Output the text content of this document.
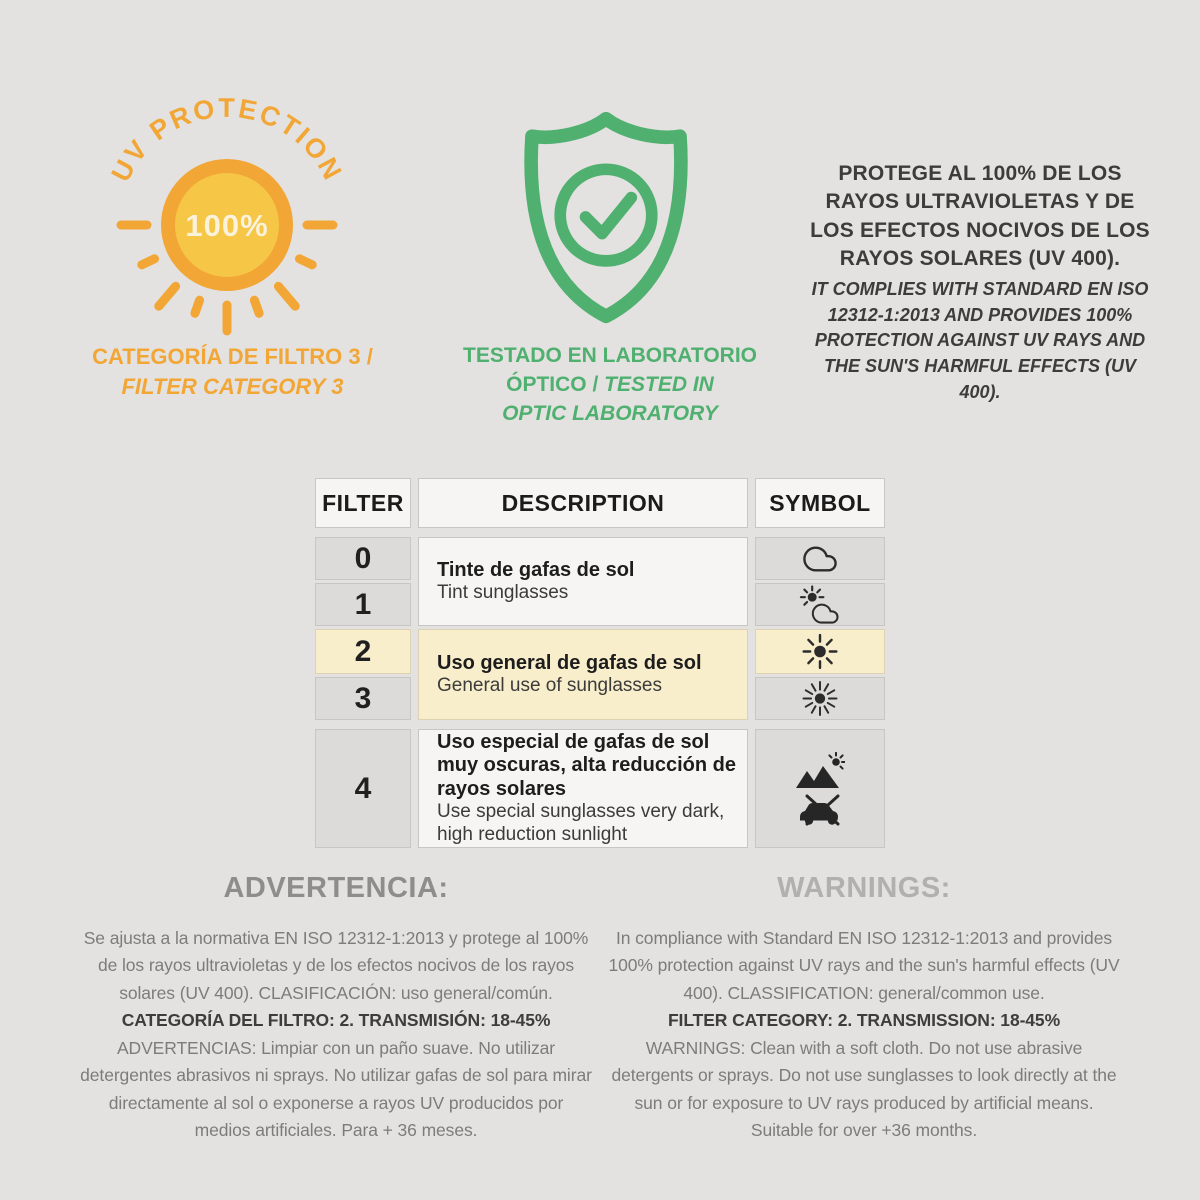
UV PROTECTION
100%
CATEGORÍA DE FILTRO 3 /
FILTER CATEGORY 3
TESTADO EN LABORATORIO
ÓPTICO / TESTED IN
OPTIC LABORATORY
PROTEGE AL 100% DE LOS RAYOS ULTRAVIOLETAS Y DE LOS EFECTOS NOCIVOS DE LOS RAYOS SOLARES (UV 400).
IT COMPLIES WITH STANDARD EN ISO 12312-1:2013 AND PROVIDES 100% PROTECTION AGAINST UV RAYS AND THE SUN'S HARMFUL EFFECTS (UV 400).
FILTER	DESCRIPTION	SYMBOL
0
1
2
3
4
Tinte de gafas de sol
Tint sunglasses
Uso general de gafas de sol
General use of sunglasses
Uso especial de gafas de sol muy oscuras, alta reducción de rayos solares
Use special sunglasses very dark, high reduction sunlight
ADVERTENCIA:

Se ajusta a la normativa EN ISO 12312-1:2013 y protege al 100% de los rayos ultravioletas y de los efectos nocivos de los rayos solares (UV 400). CLASIFICACIÓN: uso general/común.

CATEGORÍA DEL FILTRO: 2. TRANSMISIÓN: 18-45%

ADVERTENCIAS: Limpiar con un paño suave. No utilizar detergentes abrasivos ni sprays. No utilizar gafas de sol para mirar directamente al sol o exponerse a rayos UV producidos por medios artificiales. Para + 36 meses.

WARNINGS:

In compliance with Standard EN ISO 12312-1:2013 and provides 100% protection against UV rays and the sun's harmful effects (UV 400). CLASSIFICATION: general/common use.

FILTER CATEGORY: 2. TRANSMISSION: 18-45%

WARNINGS: Clean with a soft cloth. Do not use abrasive detergents or sprays. Do not use sunglasses to look directly at the sun or for exposure to UV rays produced by artificial means. Suitable for over +36 months.
